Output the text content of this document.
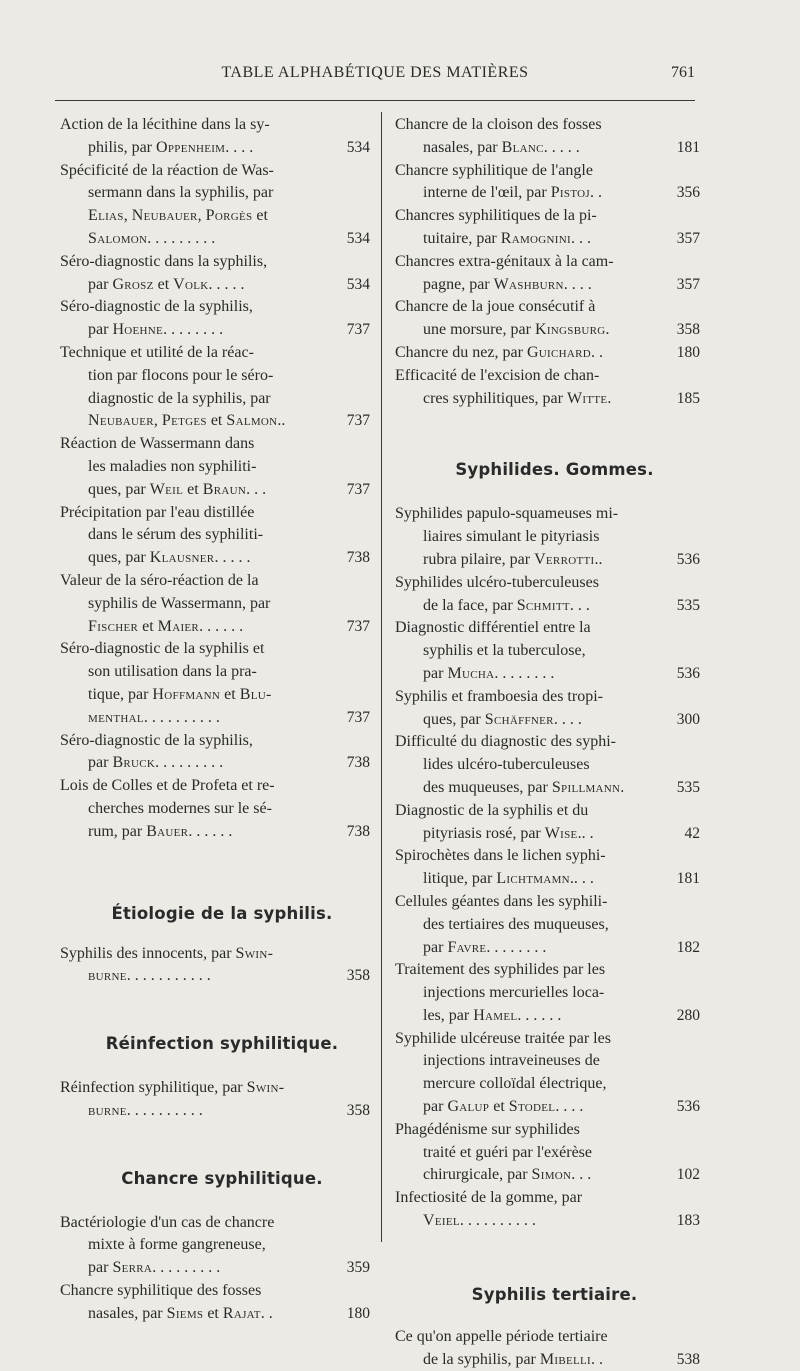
TABLE ALPHABÉTIQUE DES MATIÈRES	761
Action de la lécithine dans la sy-
philis, par Oppenheim. . . .	534
Spécificité de la réaction de Was-
sermann dans la syphilis, par
Elias, Neubauer, Porgès et
Salomon. . . . . . . . .	534
Séro-diagnostic dans la syphilis,
par Grosz et Volk. . . . .	534
Séro-diagnostic de la syphilis,
par Hoehne. . . . . . . .	737
Technique et utilité de la réac-
tion par flocons pour le séro-
diagnostic de la syphilis, par
Neubauer, Petges et Salmon..	737
Réaction de Wassermann dans
les maladies non syphiliti-
ques, par Weil et Braun. . .	737
Précipitation par l'eau distillée
dans le sérum des syphiliti-
ques, par Klausner. . . . .	738
Valeur de la séro-réaction de la
syphilis de Wassermann, par
Fischer et Maier. . . . . .	737
Séro-diagnostic de la syphilis et
son utilisation dans la pra-
tique, par Hoffmann et Blu-
menthal. . . . . . . . . .	737
Séro-diagnostic de la syphilis,
par Bruck. . . . . . . . .	738
Lois de Colles et de Profeta et re-
cherches modernes sur le sé-
rum, par Bauer. . . . . .	738
Étiologie de la syphilis.
Syphilis des innocents, par Swin-
burne. . . . . . . . . . .	358
Réinfection syphilitique.
Réinfection syphilitique, par Swin-
burne. . . . . . . . . .	358
Chancre syphilitique.
Bactériologie d'un cas de chancre
mixte à forme gangreneuse,
par Serra. . . . . . . . .	359
Chancre syphilitique des fosses
nasales, par Siems et Rajat. .	180
Chancre de la cloison des fosses
nasales, par Blanc. . . . .	181
Chancre syphilitique de l'angle
interne de l'œil, par Pistoj. .	356
Chancres syphilitiques de la pi-
tuitaire, par Ramognini. . .	357
Chancres extra-génitaux à la cam-
pagne, par Washburn. . . .	357
Chancre de la joue consécutif à
une morsure, par Kingsburg.	358
Chancre du nez, par Guichard. .	180
Efficacité de l'excision de chan-
cres syphilitiques, par Witte.	185
Syphilides. Gommes.
Syphilides papulo-squameuses mi-
liaires simulant le pityriasis
rubra pilaire, par Verrotti..	536
Syphilides ulcéro-tuberculeuses
de la face, par Schmitt. . .	535
Diagnostic différentiel entre la
syphilis et la tuberculose,
par Mucha. . . . . . . .	536
Syphilis et framboesia des tropi-
ques, par Schäffner. . . .	300
Difficulté du diagnostic des syphi-
lides ulcéro-tuberculeuses
des muqueuses, par Spillmann.	535
Diagnostic de la syphilis et du
pityriasis rosé, par Wise.. .	42
Spirochètes dans le lichen syphi-
litique, par Lichtmamn.. . .	181
Cellules géantes dans les syphili-
des tertiaires des muqueuses,
par Favre. . . . . . . .	182
Traitement des syphilides par les
injections mercurielles loca-
les, par Hamel. . . . . .	280
Syphilide ulcéreuse traitée par les
injections intraveineuses de
mercure colloïdal électrique,
par Galup et Stodel. . . .	536
Phagédénisme sur syphilides
traité et guéri par l'exérèse
chirurgicale, par Simon. . .	102
Infectiosité de la gomme, par
Veiel. . . . . . . . . .	183
Syphilis tertiaire.
Ce qu'on appelle période tertiaire
de la syphilis, par Mibelli. .	538
